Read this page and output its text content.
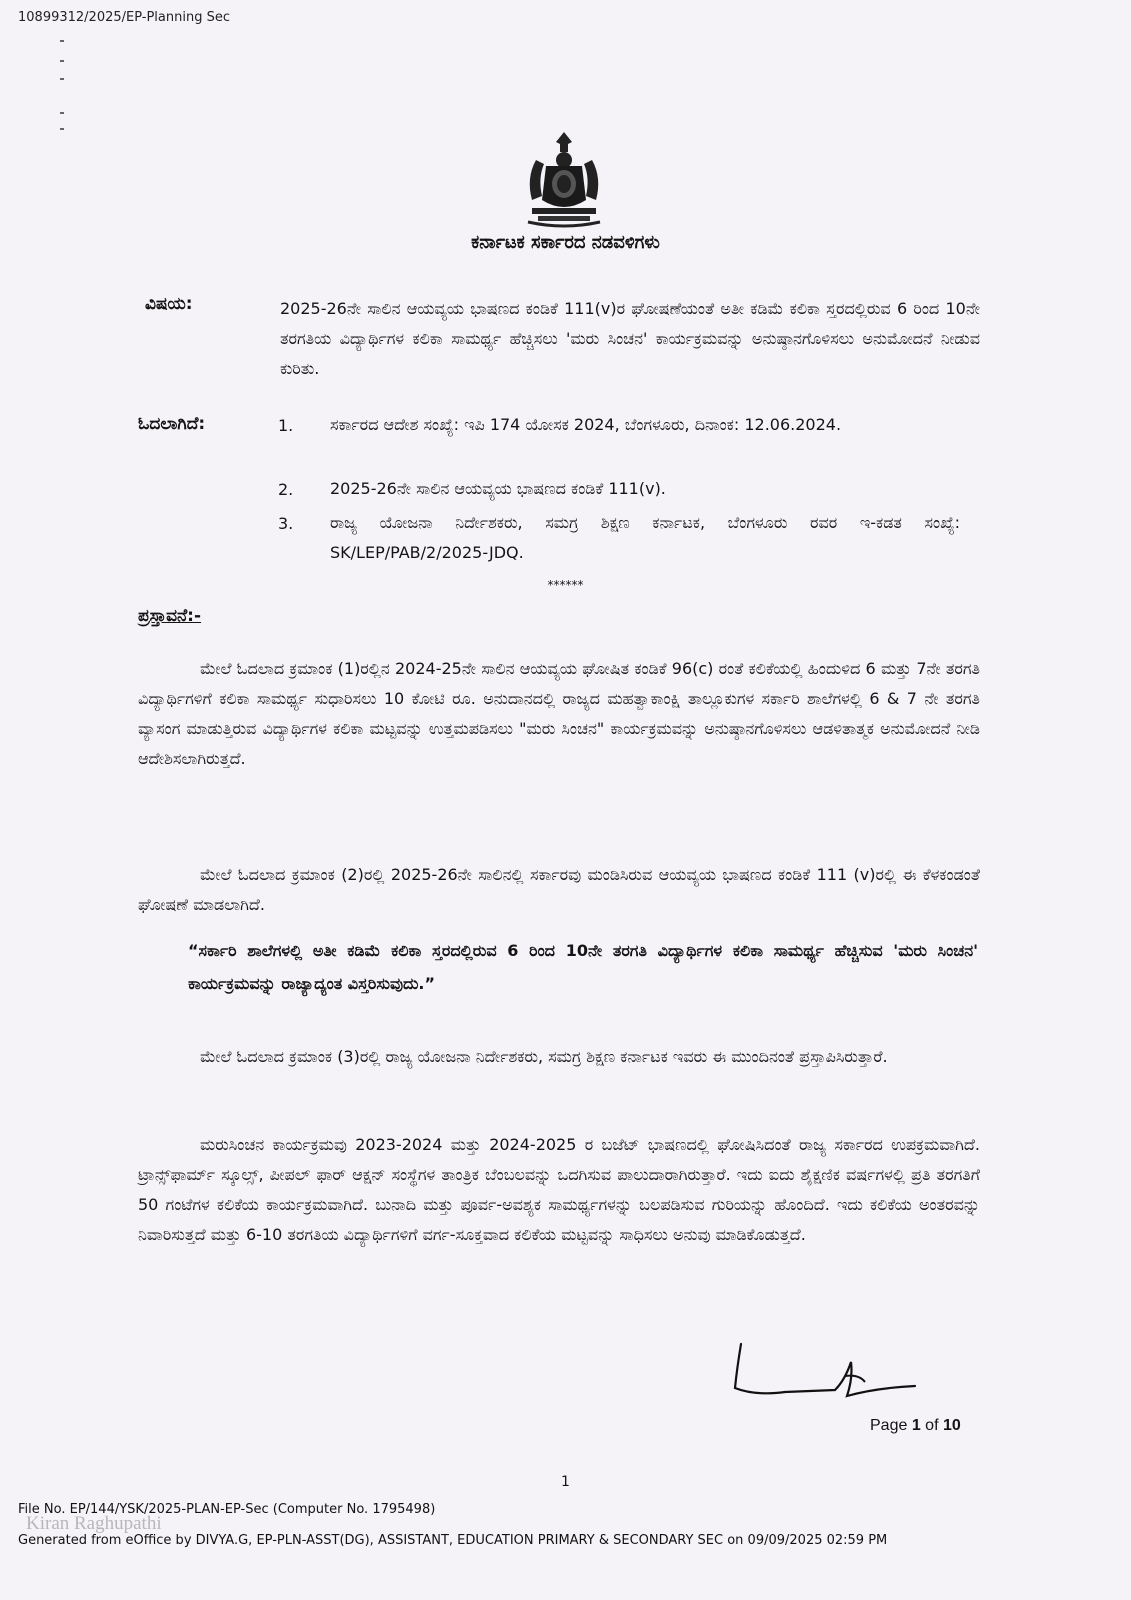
10899312/2025/EP-Planning Sec
ಕರ್ನಾಟಕ ಸರ್ಕಾರದ ನಡವಳಿಗಳು
ವಿಷಯ:	2025-26ನೇ ಸಾಲಿನ ಆಯವ್ಯಯ ಭಾಷಣದ ಕಂಡಿಕೆ 111(v)ರ ಘೋಷಣೆಯಂತೆ ಅತೀ ಕಡಿಮೆ ಕಲಿಕಾ ಸ್ತರದಲ್ಲಿರುವ 6 ರಿಂದ 10ನೇ ತರಗತಿಯ ವಿದ್ಯಾರ್ಥಿಗಳ ಕಲಿಕಾ ಸಾಮರ್ಥ್ಯ ಹೆಚ್ಚಿಸಲು 'ಮರು ಸಿಂಚನ' ಕಾರ್ಯಕ್ರಮವನ್ನು ಅನುಷ್ಠಾನಗೊಳಿಸಲು ಅನುಮೋದನೆ ನೀಡುವ ಕುರಿತು.
ಓದಲಾಗಿದೆ:	1. ಸರ್ಕಾರದ ಆದೇಶ ಸಂಖ್ಯೆ: ಇಪಿ 174 ಯೋಸಕ 2024, ಬೆಂಗಳೂರು, ದಿನಾಂಕ: 12.06.2024.
2. 2025-26ನೇ ಸಾಲಿನ ಆಯವ್ಯಯ ಭಾಷಣದ ಕಂಡಿಕೆ 111(v).
3. ರಾಜ್ಯ ಯೋಜನಾ ನಿರ್ದೇಶಕರು, ಸಮಗ್ರ ಶಿಕ್ಷಣ ಕರ್ನಾಟಕ, ಬೆಂಗಳೂರು ರವರ ಇ-ಕಡತ ಸಂಖ್ಯೆ: SK/LEP/PAB/2/2025-JDQ.
******
ಪ್ರಸ್ತಾವನೆ:-
ಮೇಲೆ ಓದಲಾದ ಕ್ರಮಾಂಕ (1)ರಲ್ಲಿನ 2024-25ನೇ ಸಾಲಿನ ಆಯವ್ಯಯ ಘೋಷಿತ ಕಂಡಿಕೆ 96(c) ರಂತೆ ಕಲಿಕೆಯಲ್ಲಿ ಹಿಂದುಳಿದ 6 ಮತ್ತು 7ನೇ ತರಗತಿ ವಿದ್ಯಾರ್ಥಿಗಳಿಗೆ ಕಲಿಕಾ ಸಾಮರ್ಥ್ಯ ಸುಧಾರಿಸಲು 10 ಕೋಟಿ ರೂ. ಅನುದಾನದಲ್ಲಿ ರಾಜ್ಯದ ಮಹತ್ವಾಕಾಂಕ್ಷಿ ತಾಲ್ಲೂಕುಗಳ ಸರ್ಕಾರಿ ಶಾಲೆಗಳಲ್ಲಿ 6 & 7 ನೇ ತರಗತಿ ವ್ಯಾಸಂಗ ಮಾಡುತ್ತಿರುವ ವಿದ್ಯಾರ್ಥಿಗಳ ಕಲಿಕಾ ಮಟ್ಟವನ್ನು ಉತ್ತಮಪಡಿಸಲು "ಮರು ಸಿಂಚನ" ಕಾರ್ಯಕ್ರಮವನ್ನು ಅನುಷ್ಠಾನಗೊಳಿಸಲು ಆಡಳಿತಾತ್ಮಕ ಅನುಮೋದನೆ ನೀಡಿ ಆದೇಶಿಸಲಾಗಿರುತ್ತದೆ.
ಮೇಲೆ ಓದಲಾದ ಕ್ರಮಾಂಕ (2)ರಲ್ಲಿ 2025-26ನೇ ಸಾಲಿನಲ್ಲಿ ಸರ್ಕಾರವು ಮಂಡಿಸಿರುವ ಆಯವ್ಯಯ ಭಾಷಣದ ಕಂಡಿಕೆ 111 (v)ರಲ್ಲಿ ಈ ಕೆಳಕಂಡಂತೆ ಘೋಷಣೆ ಮಾಡಲಾಗಿದೆ.
“ಸರ್ಕಾರಿ ಶಾಲೆಗಳಲ್ಲಿ ಅತೀ ಕಡಿಮೆ ಕಲಿಕಾ ಸ್ತರದಲ್ಲಿರುವ 6 ರಿಂದ 10ನೇ ತರಗತಿ ವಿದ್ಯಾರ್ಥಿಗಳ ಕಲಿಕಾ ಸಾಮರ್ಥ್ಯ ಹೆಚ್ಚಿಸುವ 'ಮರು ಸಿಂಚನ' ಕಾರ್ಯಕ್ರಮವನ್ನು ರಾಜ್ಯಾದ್ಯಂತ ವಿಸ್ತರಿಸುವುದು.”
ಮೇಲೆ ಓದಲಾದ ಕ್ರಮಾಂಕ (3)ರಲ್ಲಿ ರಾಜ್ಯ ಯೋಜನಾ ನಿರ್ದೇಶಕರು, ಸಮಗ್ರ ಶಿಕ್ಷಣ ಕರ್ನಾಟಕ ಇವರು ಈ ಮುಂದಿನಂತೆ ಪ್ರಸ್ತಾಪಿಸಿರುತ್ತಾರೆ.
ಮರುಸಿಂಚನ ಕಾರ್ಯಕ್ರಮವು 2023-2024 ಮತ್ತು 2024-2025 ರ ಬಜೆಟ್ ಭಾಷಣದಲ್ಲಿ ಘೋಷಿಸಿದಂತೆ ರಾಜ್ಯ ಸರ್ಕಾರದ ಉಪಕ್ರಮವಾಗಿದೆ. ಟ್ರಾನ್ಸ್‌ಫಾರ್ಮ್ ಸ್ಕೂಲ್ಸ್, ಪೀಪಲ್ ಫಾರ್ ಆಕ್ಷನ್ ಸಂಸ್ಥೆಗಳ ತಾಂತ್ರಿಕ ಬೆಂಬಲವನ್ನು ಒದಗಿಸುವ ಪಾಲುದಾರಾಗಿರುತ್ತಾರೆ. ಇದು ಐದು ಶೈಕ್ಷಣಿಕ ವರ್ಷಗಳಲ್ಲಿ ಪ್ರತಿ ತರಗತಿಗೆ 50 ಗಂಟೆಗಳ ಕಲಿಕೆಯ ಕಾರ್ಯಕ್ರಮವಾಗಿದೆ. ಬುನಾದಿ ಮತ್ತು ಪೂರ್ವ-ಅವಶ್ಯಕ ಸಾಮರ್ಥ್ಯಗಳನ್ನು ಬಲಪಡಿಸುವ ಗುರಿಯನ್ನು ಹೊಂದಿದೆ. ಇದು ಕಲಿಕೆಯ ಅಂತರವನ್ನು ನಿವಾರಿಸುತ್ತದೆ ಮತ್ತು 6-10 ತರಗತಿಯ ವಿದ್ಯಾರ್ಥಿಗಳಿಗೆ ವರ್ಗ-ಸೂಕ್ತವಾದ ಕಲಿಕೆಯ ಮಟ್ಟವನ್ನು ಸಾಧಿಸಲು ಅನುವು ಮಾಡಿಕೊಡುತ್ತದೆ.
Page 1 of 10
1
File No. EP/144/YSK/2025-PLAN-EP-Sec (Computer No. 1795498)
Kiran Raghupathi
Generated from eOffice by DIVYA.G, EP-PLN-ASST(DG), ASSISTANT, EDUCATION PRIMARY & SECONDARY SEC on 09/09/2025 02:59 PM
